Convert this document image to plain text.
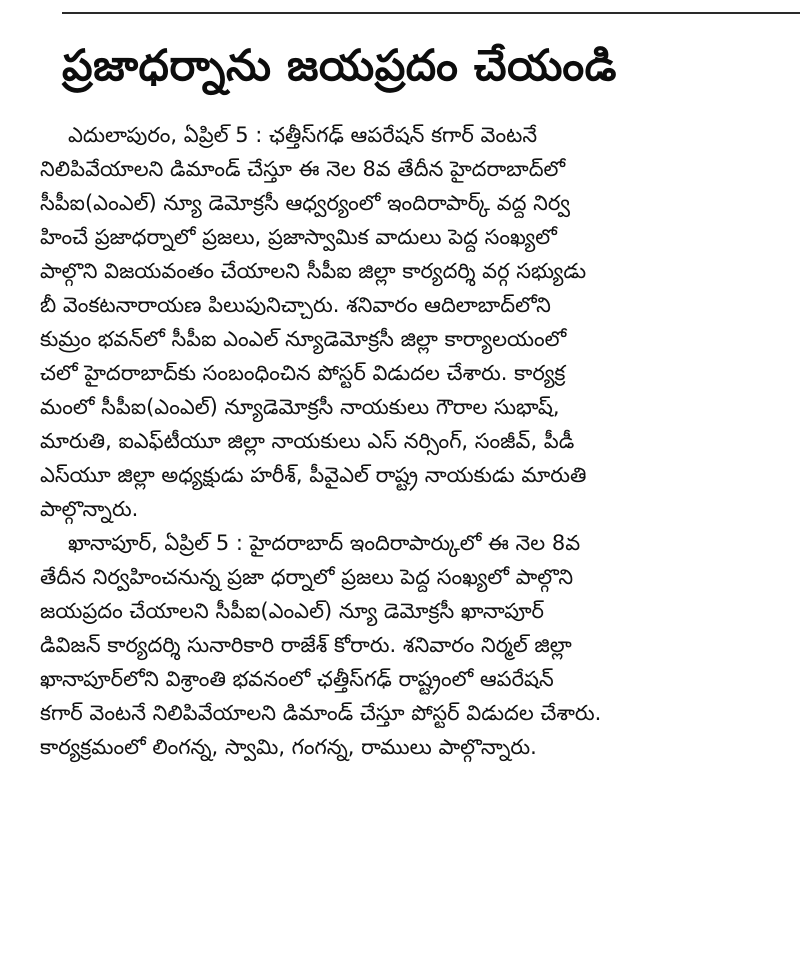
ప్రజాధర్నాను జయప్రదం చేయండి

ఎదులాపురం, ఏప్రిల్ 5 : ఛత్తీస్‌గఢ్ ఆపరేషన్ కగార్ వెంటనే
నిలిపివేయాలని డిమాండ్ చేస్తూ ఈ నెల 8వ తేదీన హైదరాబాద్‌లో
సీపీఐ(ఎంఎల్) న్యూ డెమోక్రసీ ఆధ్వర్యంలో ఇందిరాపార్క్ వద్ద నిర్వ
హించే ప్రజాధర్నాలో ప్రజలు, ప్రజాస్వామిక వాదులు పెద్ద సంఖ్యలో
పాల్గొని విజయవంతం చేయాలని సీపీఐ జిల్లా కార్యదర్శి వర్గ సభ్యుడు
బీ వెంకటనారాయణ పిలుపునిచ్చారు. శనివారం ఆదిలాబాద్‌లోని
కుమ్రం భవన్‌లో సీపీఐ ఎంఎల్ న్యూడెమోక్రసీ జిల్లా కార్యాలయంలో
చలో హైదరాబాద్‌కు సంబంధించిన పోస్టర్ విడుదల చేశారు. కార్యక్ర
మంలో సీపీఐ(ఎంఎల్) న్యూడెమోక్రసీ నాయకులు గౌరాల సుభాష్,
మారుతి, ఐఎఫ్‌టీయూ జిల్లా నాయకులు ఎస్ నర్సింగ్, సంజీవ్, పీడీ
ఎస్‌యూ జిల్లా అధ్యక్షుడు హరీశ్, పీవైఎల్ రాష్ట్ర నాయకుడు మారుతి
పాల్గొన్నారు.

ఖానాపూర్, ఏప్రిల్ 5 : హైదరాబాద్ ఇందిరాపార్కులో ఈ నెల 8వ
తేదీన నిర్వహించనున్న ప్రజా ధర్నాలో ప్రజలు పెద్ద సంఖ్యలో పాల్గొని
జయప్రదం చేయాలని సీపీఐ(ఎంఎల్) న్యూ డెమోక్రసీ ఖానాపూర్
డివిజన్ కార్యదర్శి సునారికారి రాజేశ్ కోరారు. శనివారం నిర్మల్ జిల్లా
ఖానాపూర్‌లోని విశ్రాంతి భవనంలో ఛత్తీస్‌గఢ్ రాష్ట్రంలో ఆపరేషన్
కగార్ వెంటనే నిలిపివేయాలని డిమాండ్ చేస్తూ పోస్టర్ విడుదల చేశారు.
కార్యక్రమంలో లింగన్న, స్వామి, గంగన్న, రాములు పాల్గొన్నారు.
